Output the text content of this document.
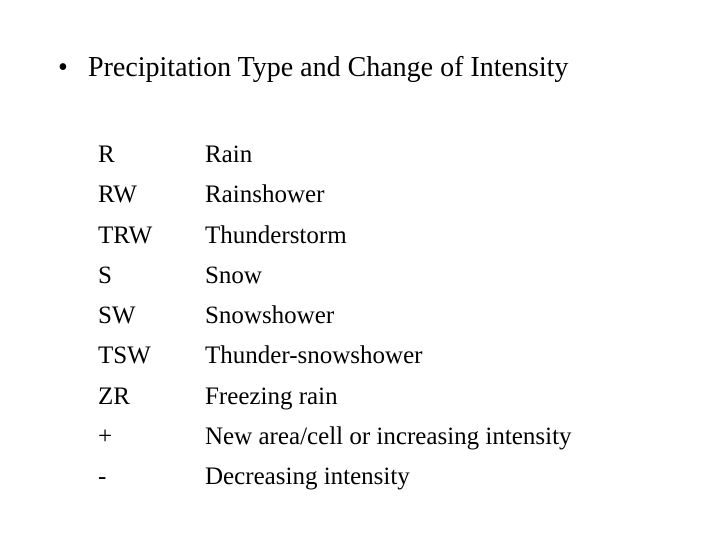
• Precipitation Type and Change of Intensity
R	Rain
RW	Rainshower
TRW	Thunderstorm
S	Snow
SW	Snowshower
TSW	Thunder-snowshower
ZR	Freezing rain
+	New area/cell or increasing intensity
-	Decreasing intensity
